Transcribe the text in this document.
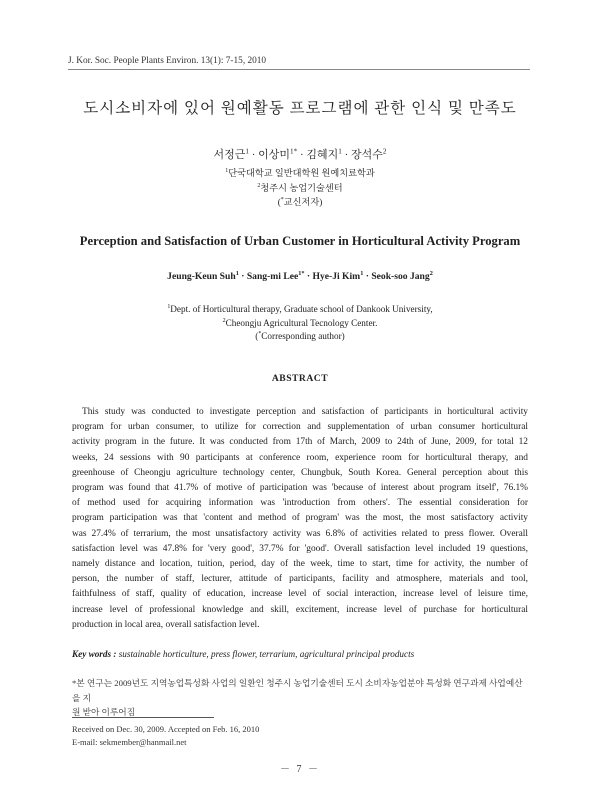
J. Kor. Soc. People Plants Environ. 13(1): 7-15, 2010
도시소비자에 있어 원예활동 프로그램에 관한 인식 및 만족도
서정근$^1$ · 이상미$^{1*}$ · 김혜지$^1$ · 장석수$^2$
$^1$단국대학교 일반대학원 원예치료학과
$^2$청주시 농업기술센터
(*교신저자)
Perception and Satisfaction of Urban Customer in Horticultural Activity Program
Jeung-Keun Suh$^1$ · Sang-mi Lee$^{1*}$ · Hye-Ji Kim$^1$ · Seok-soo Jang$^2$
$^1$Dept. of Horticultural therapy, Graduate school of Dankook University,
$^2$Cheongju Agricultural Tecnology Center.
(*Corresponding author)
ABSTRACT
This study was conducted to investigate perception and satisfaction of participants in horticultural activity
program for urban consumer, to utilize for correction and supplementation of urban consumer horticultural
activity program in the future. It was conducted from 17th of March, 2009 to 24th of June, 2009, for total 12
weeks, 24 sessions with 90 participants at conference room, experience room for horticultural therapy, and
greenhouse of Cheongju agriculture technology center, Chungbuk, South Korea. General perception about this
program was found that 41.7% of motive of participation was 'because of interest about program itself', 76.1%
of method used for acquiring information was 'introduction from others'. The essential consideration for
program participation was that 'content and method of program' was the most, the most satisfactory activity
was 27.4% of terrarium, the most unsatisfactory activity was 6.8% of activities related to press flower. Overall
satisfaction level was 47.8% for 'very good', 37.7% for 'good'. Overall satisfaction level included 19 questions,
namely distance and location, tuition, period, day of the week, time to start, time for activity, the number of
person, the number of staff, lecturer, attitude of participants, facility and atmosphere, materials and tool,
faithfulness of staff, quality of education, increase level of social interaction, increase level of leisure time,
increase level of professional knowledge and skill, excitement, increase level of purchase for horticultural
production in local area, overall satisfaction level.
Key words : sustainable horticulture, press flower, terrarium, agricultural principal products
*본 연구는 2009년도 지역농업특성화 사업의 일환인 청주시 농업기술센터 도시 소비자농업분야 특성화 연구과제 사업예산을 지
원 받아 이루어짐
Received on Dec. 30, 2009. Accepted on Feb. 16, 2010
E-mail: sekmember@hanmail.net
－ 7 －
